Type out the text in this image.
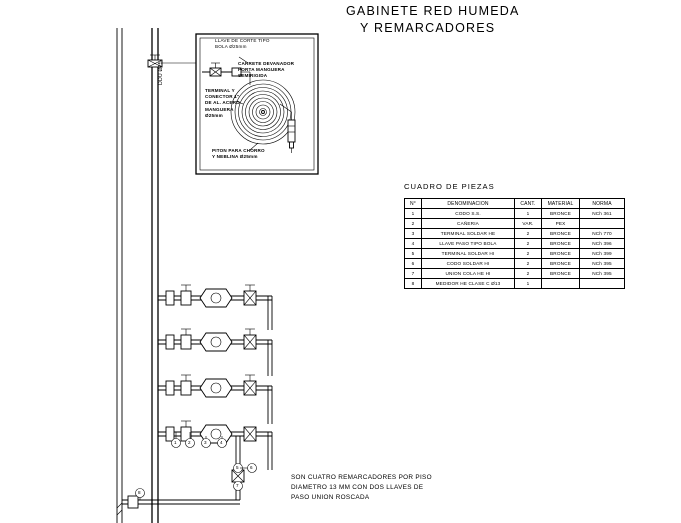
GABINETE RED HUMEDA
Y REMARCADORES
LLAVE DE CORTE TIPO
BOLA Ø25mm
CARRETE DEVANADOR
PORTA MANGUERA
SEMIRIGIDA
TERMINAL Y
CONECTOR 1"
DE AL. ACERO
MANGUERA
Ø25mm
PITON PARA CHORRO
Y NEBLINA Ø25mm
DDU Ø25
1 2	3	4
5 6
7
8
CUADRO DE PIEZAS
N°	DENOMINACION	CANT.	MATERIAL	NORMA
1	CODO S.S.	1	BRONCE	NCh 361
2	CAÑERIA	VAR.	PEX	
3	TERMINAL SOLDAR HE	2	BRONCE	NCh 770
4	LLAVE PASO TIPO BOLA	2	BRONCE	NCh 396
5	TERMINAL SOLDAR HI	2	BRONCE	NCh 399
6	CODO SOLDAR HI	2	BRONCE	NCh 395
7	UNION COLA HE HI	2	BRONCE	NCh 395
8	MEDIDOR HE CLASE C Ø13	1		
SON CUATRO REMARCADORES POR PISO
DIAMETRO 13 MM CON DOS LLAVES DE
PASO UNION ROSCADA
